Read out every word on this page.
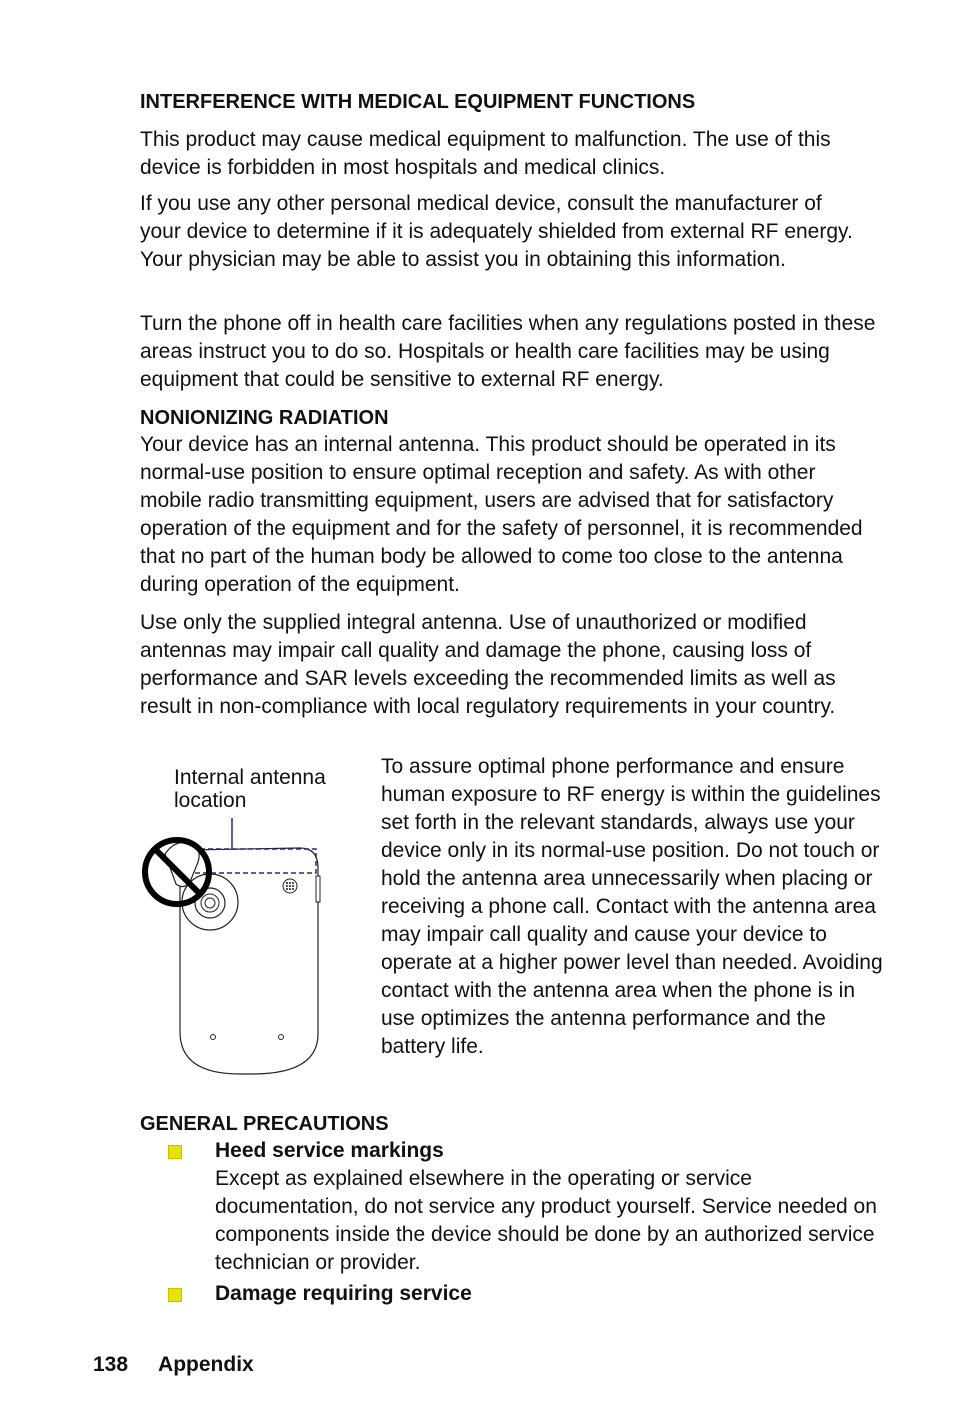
INTERFERENCE WITH MEDICAL EQUIPMENT FUNCTIONS

This product may cause medical equipment to malfunction. The use of this device is forbidden in most hospitals and medical clinics.

If you use any other personal medical device, consult the manufacturer of your device to determine if it is adequately shielded from external RF energy. Your physician may be able to assist you in obtaining this information.

Turn the phone off in health care facilities when any regulations posted in these areas instruct you to do so. Hospitals or health care facilities may be using equipment that could be sensitive to external RF energy.

NONIONIZING RADIATION

Your device has an internal antenna. This product should be operated in its normal-use position to ensure optimal reception and safety. As with other mobile radio transmitting equipment, users are advised that for satisfactory operation of the equipment and for the safety of personnel, it is recommended that no part of the human body be allowed to come too close to the antenna during operation of the equipment.

Use only the supplied integral antenna. Use of unauthorized or modified antennas may impair call quality and damage the phone, causing loss of performance and SAR levels exceeding the recommended limits as well as result in non-compliance with local regulatory requirements in your country.

Internal antenna location

To assure optimal phone performance and ensure human exposure to RF energy is within the guidelines set forth in the relevant standards, always use your device only in its normal-use position. Do not touch or hold the antenna area unnecessarily when placing or receiving a phone call. Contact with the antenna area may impair call quality and cause your device to operate at a higher power level than needed. Avoiding contact with the antenna area when the phone is in use optimizes the antenna performance and the battery life.

GENERAL PRECAUTIONS
Heed service markings

Except as explained elsewhere in the operating or service documentation, do not service any product yourself. Service needed on components inside the device should be done by an authorized service technician or provider.

Damage requiring service
138 Appendix
